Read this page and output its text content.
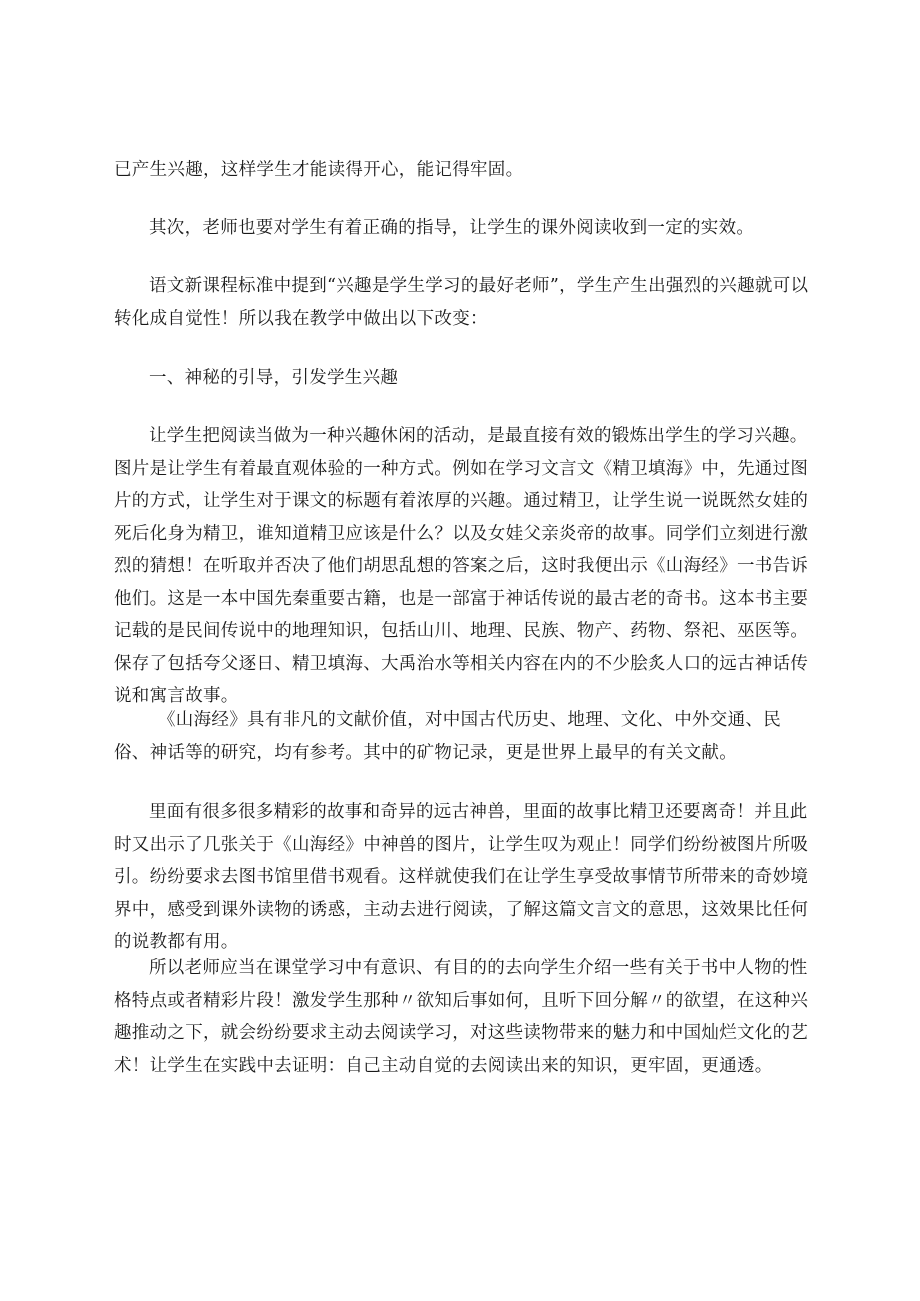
已产生兴趣，这样学生才能读得开心，能记得牢固。

其次，老师也要对学生有着正确的指导，让学生的课外阅读收到一定的实效。

语文新课程标准中提到“兴趣是学生学习的最好老师”，学生产生出强烈的兴趣就可以转化成自觉性！所以我在教学中做出以下改变：

一、神秘的引导，引发学生兴趣

让学生把阅读当做为一种兴趣休闲的活动，是最直接有效的锻炼出学生的学习兴趣。图片是让学生有着最直观体验的一种方式。例如在学习文言文《精卫填海》中，先通过图片的方式，让学生对于课文的标题有着浓厚的兴趣。通过精卫，让学生说一说既然女娃的死后化身为精卫，谁知道精卫应该是什么？以及女娃父亲炎帝的故事。同学们立刻进行激烈的猜想！在听取并否决了他们胡思乱想的答案之后，这时我便出示《山海经》一书告诉他们。这是一本中国先秦重要古籍，也是一部富于神话传说的最古老的奇书。这本书主要记载的是民间传说中的地理知识，包括山川、地理、民族、物产、药物、祭祀、巫医等。保存了包括夸父逐日、精卫填海、大禹治水等相关内容在内的不少脍炙人口的远古神话传说和寓言故事。

《山海经》具有非凡的文献价值，对中国古代历史、地理、文化、中外交通、民俗、神话等的研究，均有参考。其中的矿物记录，更是世界上最早的有关文献。

里面有很多很多精彩的故事和奇异的远古神兽，里面的故事比精卫还要离奇！并且此时又出示了几张关于《山海经》中神兽的图片，让学生叹为观止！同学们纷纷被图片所吸引。纷纷要求去图书馆里借书观看。这样就使我们在让学生享受故事情节所带来的奇妙境界中，感受到课外读物的诱惑，主动去进行阅读，了解这篇文言文的意思，这效果比任何的说教都有用。

所以老师应当在课堂学习中有意识、有目的的去向学生介绍一些有关于书中人物的性格特点或者精彩片段！激发学生那种〃欲知后事如何，且听下回分解〃的欲望，在这种兴趣推动之下，就会纷纷要求主动去阅读学习，对这些读物带来的魅力和中国灿烂文化的艺术！让学生在实践中去证明：自己主动自觉的去阅读出来的知识，更牢固，更通透。
